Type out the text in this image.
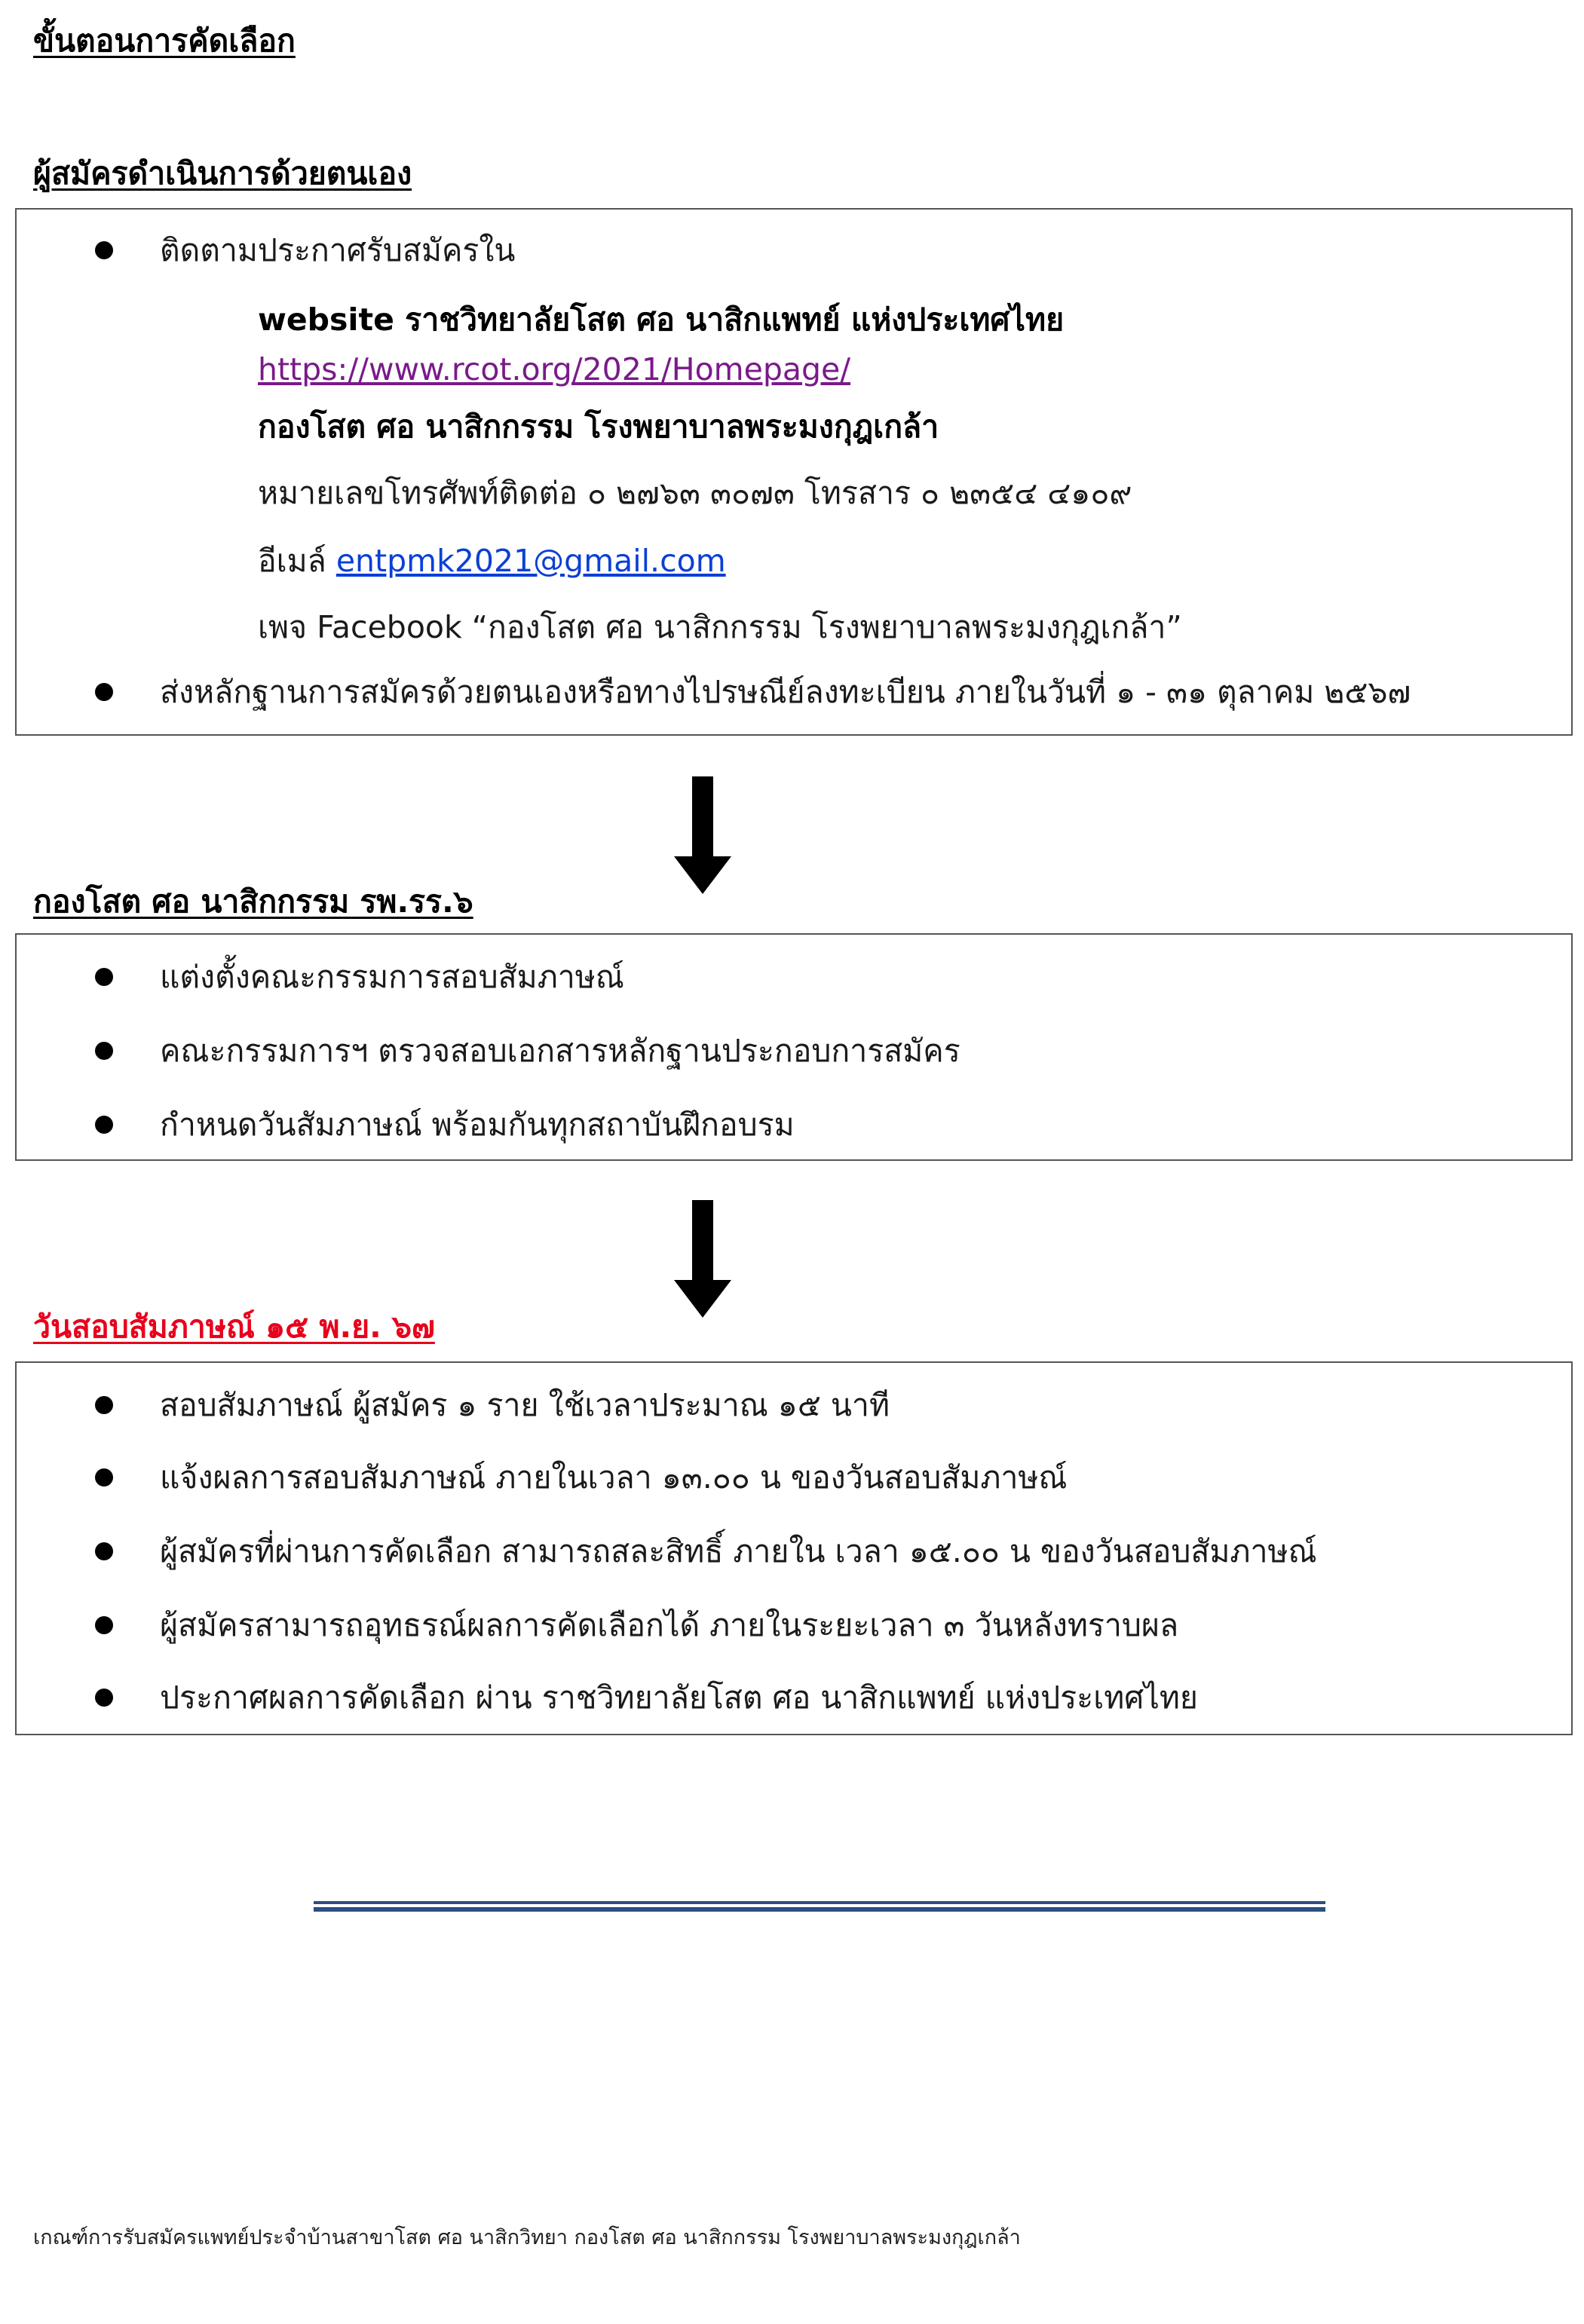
ขั้นตอนการคัดเลือก
ผู้สมัครดำเนินการด้วยตนเอง
ติดตามประกาศรับสมัครใน
website ราชวิทยาลัยโสต ศอ นาสิกแพทย์ แห่งประเทศไทย
https://www.rcot.org/2021/Homepage/
กองโสต ศอ นาสิกกรรม โรงพยาบาลพระมงกุฎเกล้า
หมายเลขโทรศัพท์ติดต่อ ๐ ๒๗๖๓ ๓๐๗๓ โทรสาร ๐ ๒๓๕๔ ๔๑๐๙
อีเมล์ entpmk2021@gmail.com
เพจ Facebook “กองโสต ศอ นาสิกกรรม โรงพยาบาลพระมงกุฎเกล้า”
ส่งหลักฐานการสมัครด้วยตนเองหรือทางไปรษณีย์ลงทะเบียน ภายในวันที่ ๑ - ๓๑ ตุลาคม ๒๕๖๗
กองโสต ศอ นาสิกกรรม รพ.รร.๖
แต่งตั้งคณะกรรมการสอบสัมภาษณ์
คณะกรรมการฯ ตรวจสอบเอกสารหลักฐานประกอบการสมัคร
กำหนดวันสัมภาษณ์ พร้อมกันทุกสถาบันฝึกอบรม
วันสอบสัมภาษณ์ ๑๕ พ.ย. ๖๗
สอบสัมภาษณ์ ผู้สมัคร ๑ ราย ใช้เวลาประมาณ ๑๕ นาที
แจ้งผลการสอบสัมภาษณ์ ภายในเวลา ๑๓.๐๐ น ของวันสอบสัมภาษณ์
ผู้สมัครที่ผ่านการคัดเลือก สามารถสละสิทธิ์ ภายใน เวลา ๑๕.๐๐ น ของวันสอบสัมภาษณ์
ผู้สมัครสามารถอุทธรณ์ผลการคัดเลือกได้ ภายในระยะเวลา ๓ วันหลังทราบผล
ประกาศผลการคัดเลือก ผ่าน ราชวิทยาลัยโสต ศอ นาสิกแพทย์ แห่งประเทศไทย
เกณฑ์การรับสมัครแพทย์ประจำบ้านสาขาโสต ศอ นาสิกวิทยา กองโสต ศอ นาสิกกรรม โรงพยาบาลพระมงกุฎเกล้า
